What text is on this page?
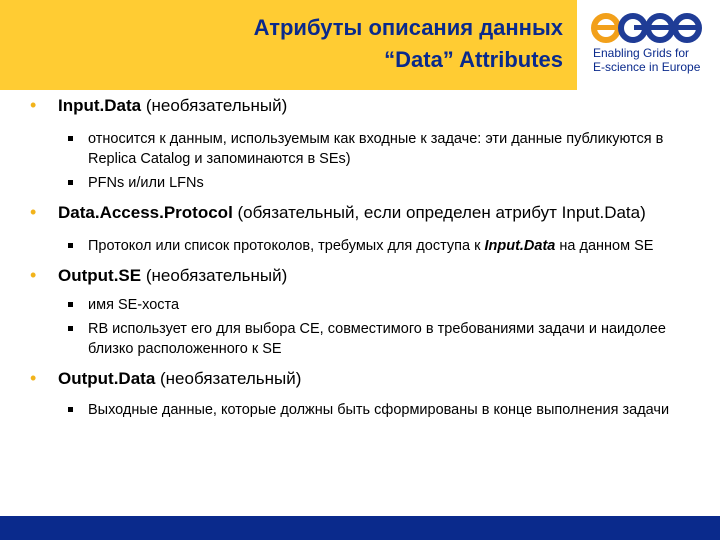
Атрибуты описания данных
“Data” Attributes	Enabling Grids for
E-science in Europe
• Input.Data (необязательный)
относится к данным, используемым как входные к задаче: эти данные публикуются в Replica Catalog и запоминаются в SEs)
PFNs и/или LFNs
• Data.Access.Protocol (обязательный, если определен атрибут Input.Data)
Протокол или список протоколов, требумых для доступа к Input.Data на данном SE
• Output.SE (необязательный)
имя SE-хоста
RB использует его для выбора CE, совместимого в требованиями задачи и наидолее близко расположенного к SE
• Output.Data (необязательный)
Выходные данные, которые должны быть сформированы в конце выполнения задачи
